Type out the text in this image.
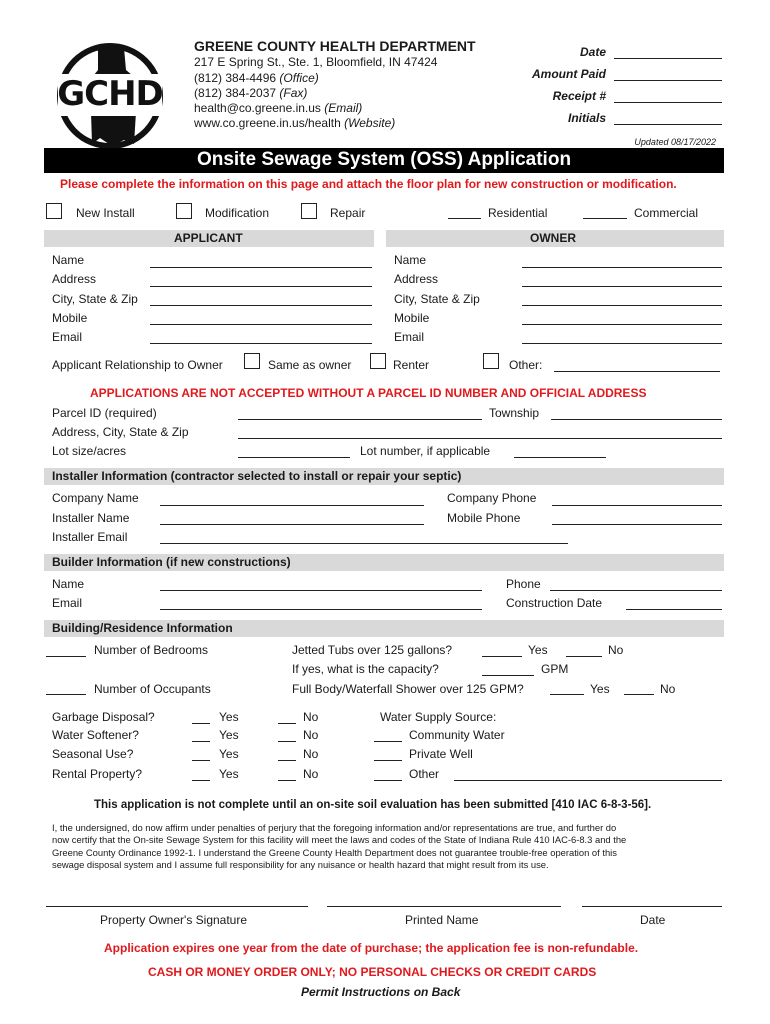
GCHD
GREENE COUNTY HEALTH DEPARTMENT
217 E Spring St., Ste. 1, Bloomfield, IN 47424
(812) 384-4496 (Office)
(812) 384-2037 (Fax)
health@co.greene.in.us (Email)
www.co.greene.in.us/health (Website)
Date
Amount Paid
Receipt #
Initials
Updated 08/17/2022
Onsite Sewage System (OSS) Application
Please complete the information on this page and attach the floor plan for new construction or modification.
New Install	Modification	Repair	Residential	Commercial
APPLICANT	OWNER
Name
Address
City, State & Zip
Mobile
Email
Name
Address
City, State & Zip
Mobile
Email
Applicant Relationship to Owner	Same as owner	Renter	Other:
APPLICATIONS ARE NOT ACCEPTED WITHOUT A PARCEL ID NUMBER AND OFFICIAL ADDRESS
Parcel ID (required)	Township
Address, City, State & Zip
Lot size/acres	Lot number, if applicable
Installer Information (contractor selected to install or repair your septic)
Company Name	Company Phone
Installer Name	Mobile Phone
Installer Email
Builder Information (if new constructions)
Name	Phone
Email	Construction Date
Building/Residence Information
Number of Bedrooms
Number of Occupants
Jetted Tubs over 125 gallons?	Yes	No
If yes, what is the capacity?	GPM
Full Body/Waterfall Shower over 125 GPM?	Yes	No
Garbage Disposal?	Yes	No
Water Softener?	Yes	No
Seasonal Use?	Yes	No
Rental Property?	Yes	No
Water Supply Source:
Community Water
Private Well
Other
This application is not complete until an on-site soil evaluation has been submitted [410 IAC 6-8-3-56].
I, the undersigned, do now affirm under penalties of perjury that the foregoing information and/or representations are true, and further do
now certify that the On-site Sewage System for this facility will meet the laws and codes of the State of Indiana Rule 410 IAC-6-8.3 and the
Greene County Ordinance 1992-1. I understand the Greene County Health Department does not guarantee trouble-free operation of this
sewage disposal system and I assume full responsibility for any nuisance or health hazard that might result from its use.
Property Owner's Signature	Printed Name	Date
Application expires one year from the date of purchase; the application fee is non-refundable.
CASH OR MONEY ORDER ONLY; NO PERSONAL CHECKS OR CREDIT CARDS
Permit Instructions on Back
